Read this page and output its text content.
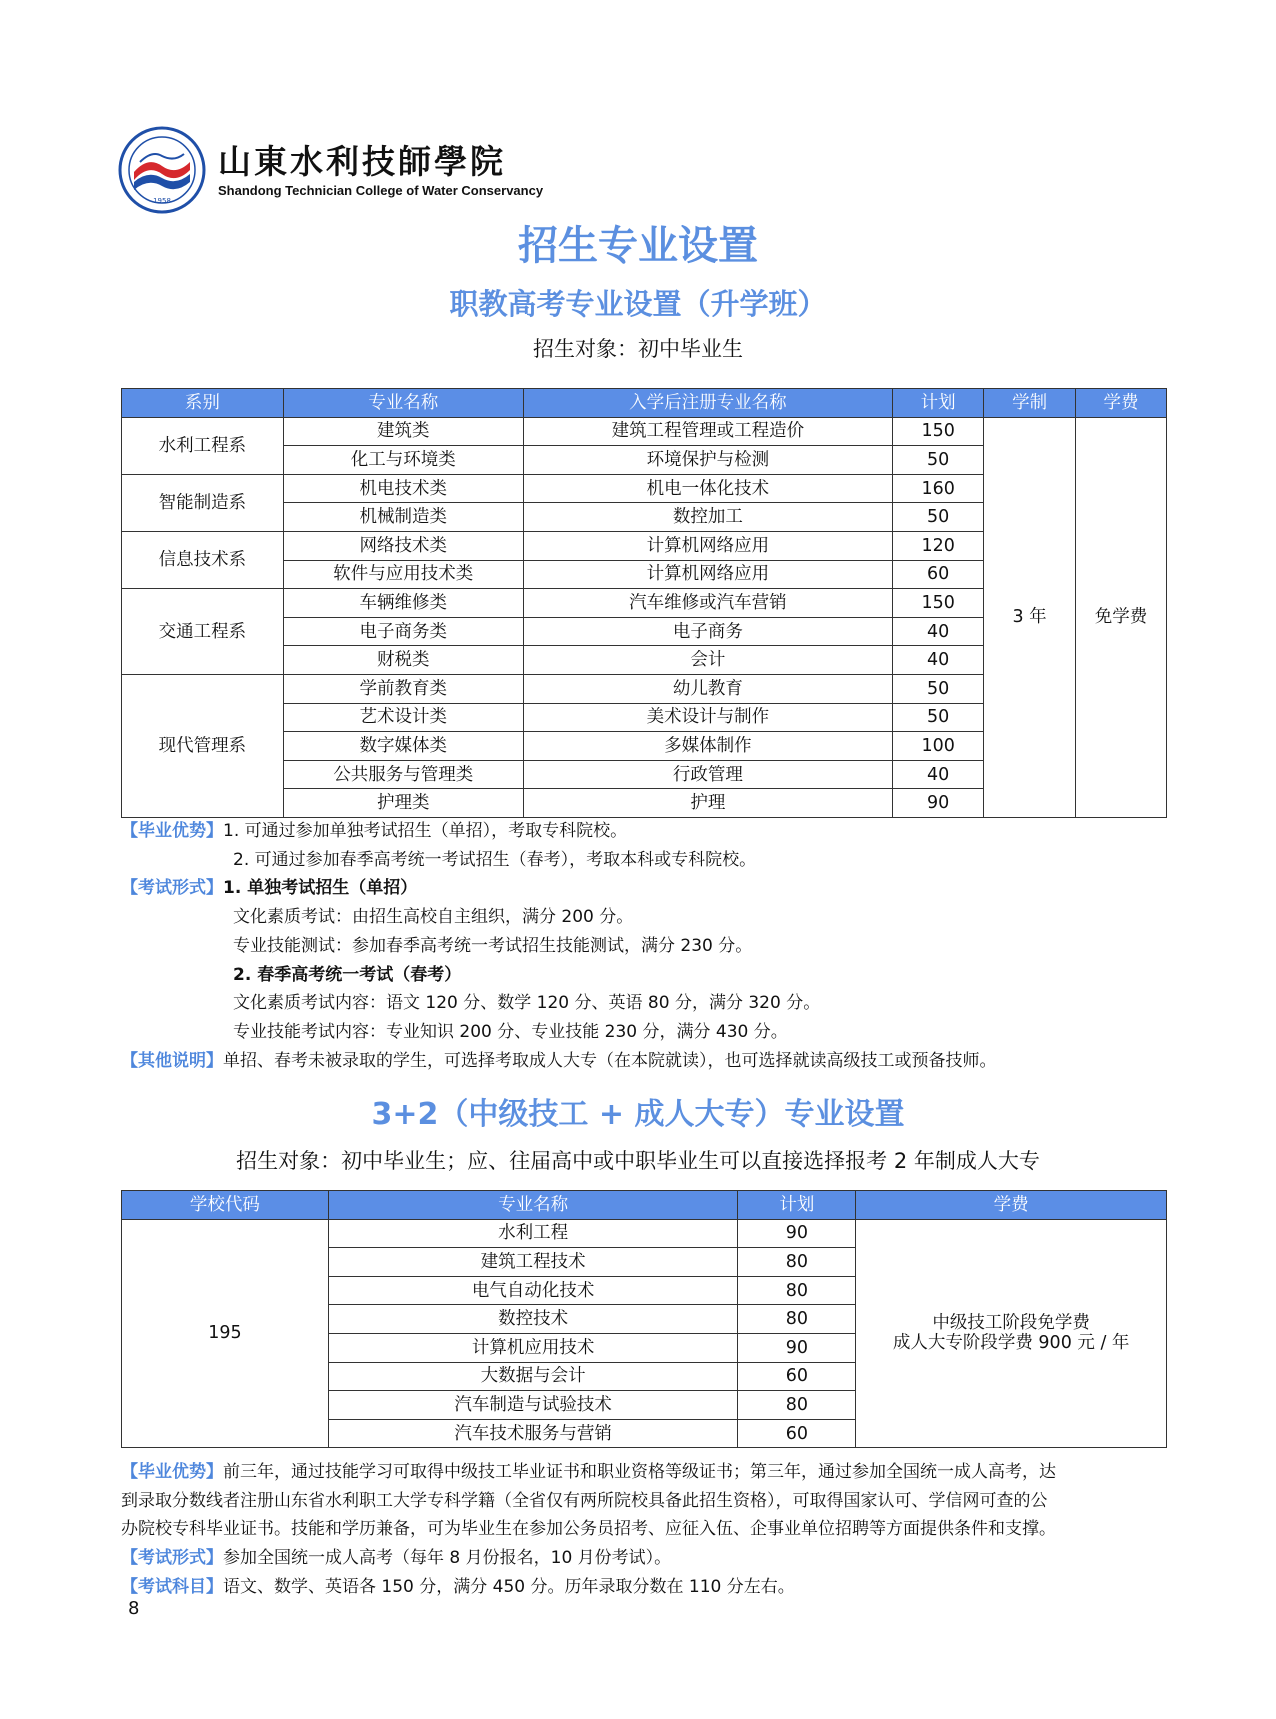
1958
山東水利技師學院
Shandong Technician College of Water Conservancy
招生专业设置
职教高考专业设置（升学班）
招生对象：初中毕业生
系别	专业名称	入学后注册专业名称	计划	学制	学费
水利工程系	建筑类	建筑工程管理或工程造价	150	3 年	免学费
	化工与环境类	环境保护与检测	50		
智能制造系	机电技术类	机电一体化技术	160		
	机械制造类	数控加工	50		
信息技术系	网络技术类	计算机网络应用	120		
	软件与应用技术类	计算机网络应用	60		
交通工程系	车辆维修类	汽车维修或汽车营销	150		
	电子商务类	电子商务	40		
	财税类	会计	40		
现代管理系	学前教育类	幼儿教育	50		
	艺术设计类	美术设计与制作	50		
	数字媒体类	多媒体制作	100		
	公共服务与管理类	行政管理	40		
	护理类	护理	90		
【毕业优势】1. 可通过参加单独考试招生（单招），考取专科院校。
2. 可通过参加春季高考统一考试招生（春考），考取本科或专科院校。
【考试形式】1. 单独考试招生（单招）
文化素质考试：由招生高校自主组织，满分 200 分。
专业技能测试：参加春季高考统一考试招生技能测试，满分 230 分。
2. 春季高考统一考试（春考）
文化素质考试内容：语文 120 分、数学 120 分、英语 80 分，满分 320 分。
专业技能考试内容：专业知识 200 分、专业技能 230 分，满分 430 分。
【其他说明】单招、春考未被录取的学生，可选择考取成人大专（在本院就读），也可选择就读高级技工或预备技师。
3+2（中级技工 + 成人大专）专业设置
招生对象：初中毕业生；应、往届高中或中职毕业生可以直接选择报考 2 年制成人大专
学校代码	专业名称	计划	学费
195	水利工程	90	中级技工阶段免学费
成人大专阶段学费 900 元 / 年

	建筑工程技术	80	
	电气自动化技术	80	
	数控技术	80	
	计算机应用技术	90	
	大数据与会计	60	
	汽车制造与试验技术	80	
	汽车技术服务与营销	60	
【毕业优势】前三年，通过技能学习可取得中级技工毕业证书和职业资格等级证书；第三年，通过参加全国统一成人高考，达
到录取分数线者注册山东省水利职工大学专科学籍（全省仅有两所院校具备此招生资格），可取得国家认可、学信网可查的公
办院校专科毕业证书。技能和学历兼备，可为毕业生在参加公务员招考、应征入伍、企事业单位招聘等方面提供条件和支撑。
【考试形式】参加全国统一成人高考（每年 8 月份报名，10 月份考试）。
【考试科目】语文、数学、英语各 150 分，满分 450 分。历年录取分数在 110 分左右。
8
